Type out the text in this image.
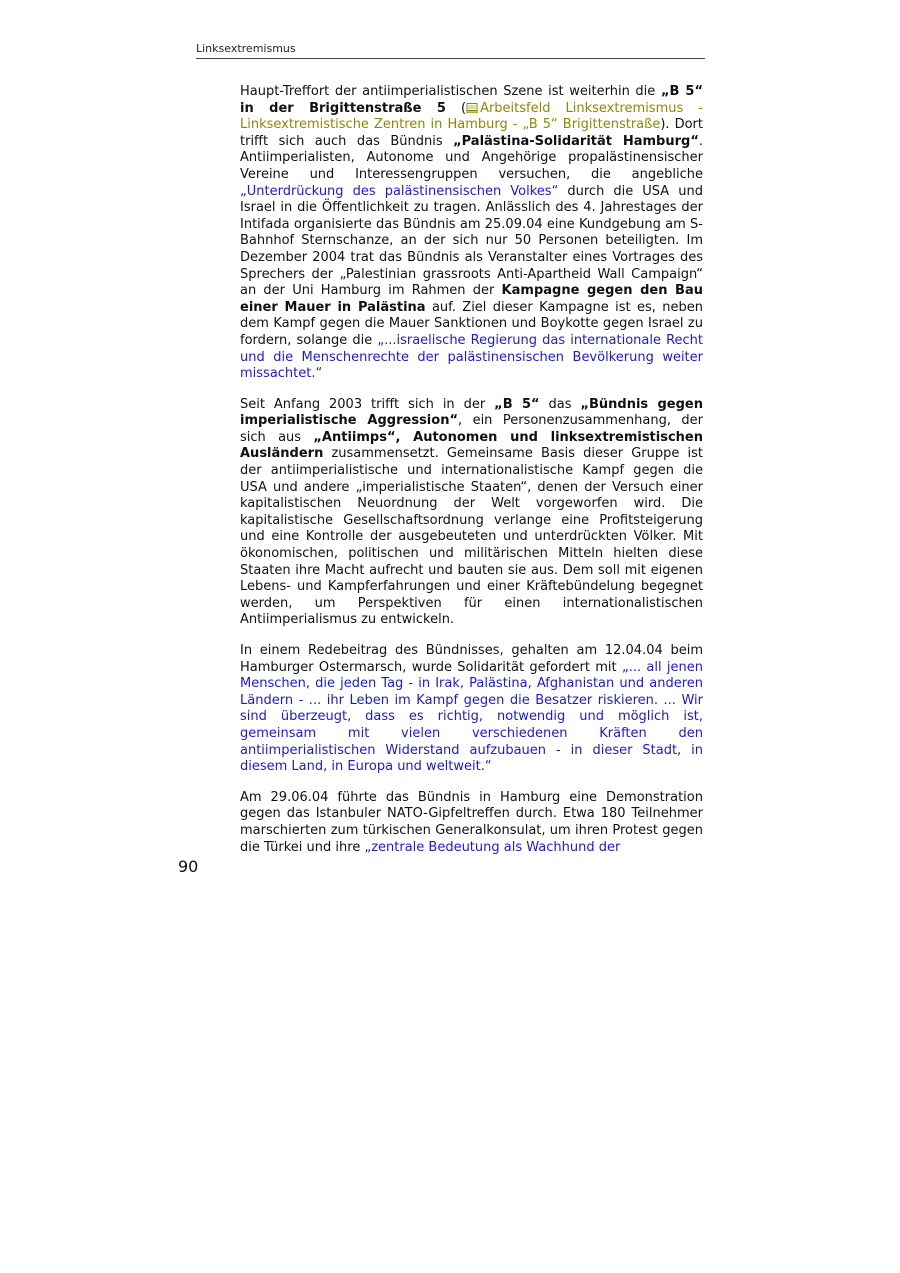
Linksextremismus

Haupt-Treffort der antiimperialistischen Szene ist weiterhin die „B 5“ in der Brigittenstraße 5 ( Arbeitsfeld Linksextremismus - Linksextremistische Zentren in Hamburg - „B 5“ Brigittenstraße). Dort trifft sich auch das Bündnis „Palästina-Solidarität Hamburg“. Antiimperialisten, Autonome und Angehörige propalästinensischer Vereine und Interessengruppen versuchen, die angebliche „Unterdrückung des palästinensischen Volkes“ durch die USA und Israel in die Öffentlichkeit zu tragen. Anlässlich des 4. Jahrestages der Intifada organisierte das Bündnis am 25.09.04 eine Kundgebung am S-Bahnhof Sternschanze, an der sich nur 50 Personen beteiligten. Im Dezember 2004 trat das Bündnis als Veranstalter eines Vortrages des Sprechers der „Palestinian grassroots Anti-Apartheid Wall Campaign“ an der Uni Hamburg im Rahmen der Kampagne gegen den Bau einer Mauer in Palästina auf. Ziel dieser Kampagne ist es, neben dem Kampf gegen die Mauer Sanktionen und Boykotte gegen Israel zu fordern, solange die „...israelische Regierung das internationale Recht und die Menschenrechte der palästinensischen Bevölkerung weiter missachtet.“

Seit Anfang 2003 trifft sich in der „B 5“ das „Bündnis gegen imperialistische Aggression“, ein Personenzusammenhang, der sich aus „Antiimps“, Autonomen und linksextremistischen Ausländern zusammensetzt. Gemeinsame Basis dieser Gruppe ist der antiimperialistische und internationalistische Kampf gegen die USA und andere „imperialistische Staaten“, denen der Versuch einer kapitalistischen Neuordnung der Welt vorgeworfen wird. Die kapitalistische Gesellschaftsordnung verlange eine Profitsteigerung und eine Kontrolle der ausgebeuteten und unterdrückten Völker. Mit ökonomischen, politischen und militärischen Mitteln hielten diese Staaten ihre Macht aufrecht und bauten sie aus. Dem soll mit eigenen Lebens- und Kampferfahrungen und einer Kräftebündelung begegnet werden, um Perspektiven für einen internationalistischen Antiimperialismus zu entwickeln.

In einem Redebeitrag des Bündnisses, gehalten am 12.04.04 beim Hamburger Ostermarsch, wurde Solidarität gefordert mit „... all jenen Menschen, die jeden Tag - in Irak, Palästina, Afghanistan und anderen Ländern - ... ihr Leben im Kampf gegen die Besatzer riskieren. ... Wir sind überzeugt, dass es richtig, notwendig und möglich ist, gemeinsam mit vielen verschiedenen Kräften den antiimperialistischen Widerstand aufzubauen - in dieser Stadt, in diesem Land, in Europa und weltweit.“

Am 29.06.04 führte das Bündnis in Hamburg eine Demonstration gegen das Istanbuler NATO-Gipfeltreffen durch. Etwa 180 Teilnehmer marschierten zum türkischen Generalkonsulat, um ihren Protest gegen die Türkei und ihre „zentrale Bedeutung als Wachhund der

90
